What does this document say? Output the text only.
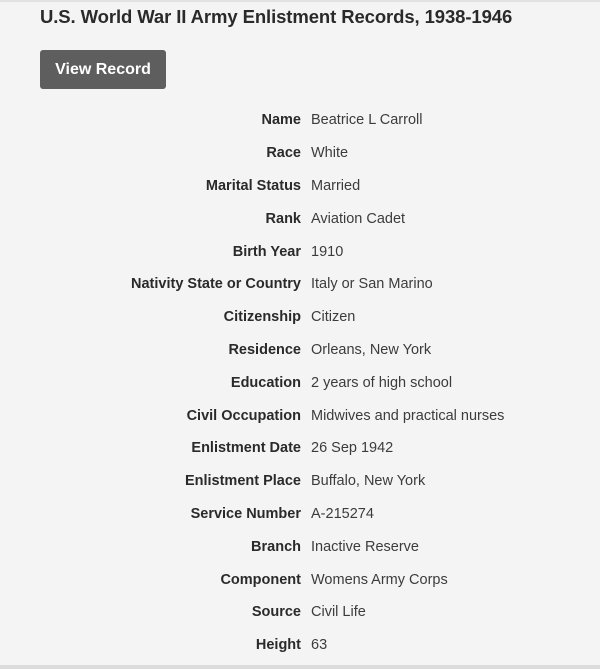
U.S. World War II Army Enlistment Records, 1938-1946
View Record
Name Beatrice L Carroll
Race White
Marital Status Married
Rank Aviation Cadet
Birth Year 1910
Nativity State or Country Italy or San Marino
Citizenship Citizen
Residence Orleans, New York
Education 2 years of high school
Civil Occupation Midwives and practical nurses
Enlistment Date 26 Sep 1942
Enlistment Place Buffalo, New York
Service Number A-215274
Branch Inactive Reserve
Component Womens Army Corps
Source Civil Life
Height 63
